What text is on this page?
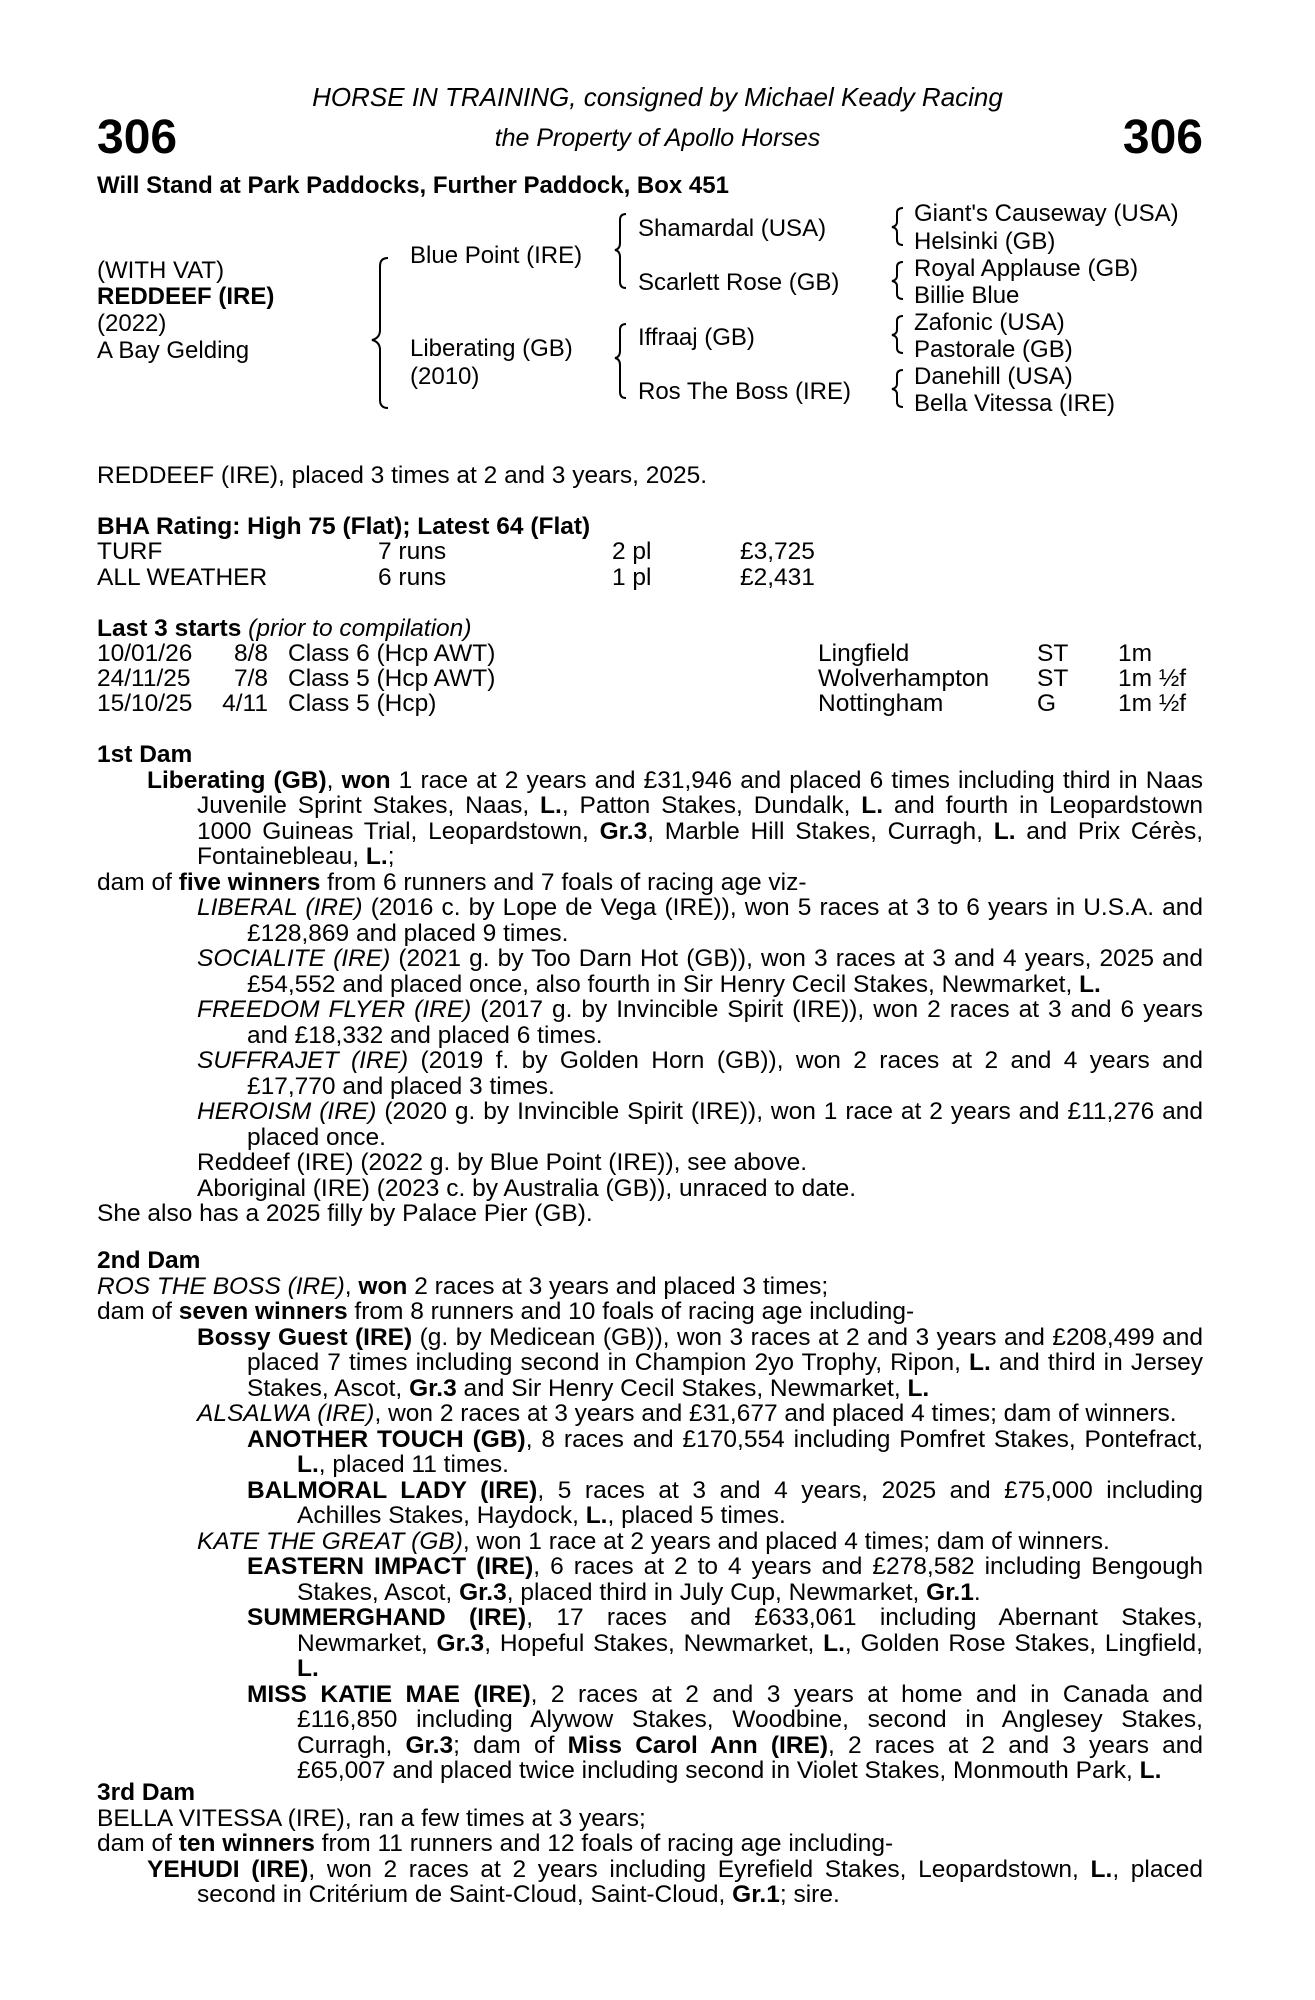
306	306
HORSE IN TRAINING, consigned by Michael Keady Racing
the Property of Apollo Horses
Will Stand at Park Paddocks, Further Paddock, Box 451
(WITH VAT)
REDDEEF (IRE)
(2022)
A Bay Gelding
Blue Point (IRE)
Liberating (GB)
(2010)
Shamardal (USA)
Scarlett Rose (GB)
Iffraaj (GB)
Ros The Boss (IRE)
Giant's Causeway (USA)
Helsinki (GB)
Royal Applause (GB)
Billie Blue
Zafonic (USA)
Pastorale (GB)
Danehill (USA)
Bella Vitessa (IRE)
REDDEEF (IRE), placed 3 times at 2 and 3 years, 2025.
BHA Rating: High 75 (Flat); Latest 64 (Flat)
TURF	7 runs	2 pl	£3,725
ALL WEATHER	6 runs	1 pl	£2,431
Last 3 starts (prior to compilation)
10/01/26	8/8 Class 6 (Hcp AWT)	Lingfield	ST 1m
24/11/25	7/8 Class 5 (Hcp AWT)	Wolverhampton ST 1m ½f
15/10/25 4/11 Class 5 (Hcp)	Nottingham	G	1m ½f
1st Dam
Liberating (GB), won 1 race at 2 years and £31,946 and placed 6 times including third in Naas Juvenile Sprint Stakes, Naas, L., Patton Stakes, Dundalk, L. and fourth in Leopardstown 1000 Guineas Trial, Leopardstown, Gr.3, Marble Hill Stakes, Curragh, L. and Prix Cérès, Fontainebleau, L.;
dam of five winners from 6 runners and 7 foals of racing age viz-
LIBERAL (IRE) (2016 c. by Lope de Vega (IRE)), won 5 races at 3 to 6 years in U.S.A. and £128,869 and placed 9 times.
SOCIALITE (IRE) (2021 g. by Too Darn Hot (GB)), won 3 races at 3 and 4 years, 2025 and £54,552 and placed once, also fourth in Sir Henry Cecil Stakes, Newmarket, L.
FREEDOM FLYER (IRE) (2017 g. by Invincible Spirit (IRE)), won 2 races at 3 and 6 years and £18,332 and placed 6 times.
SUFFRAJET (IRE) (2019 f. by Golden Horn (GB)), won 2 races at 2 and 4 years and £17,770 and placed 3 times.
HEROISM (IRE) (2020 g. by Invincible Spirit (IRE)), won 1 race at 2 years and £11,276 and placed once.
Reddeef (IRE) (2022 g. by Blue Point (IRE)), see above.
Aboriginal (IRE) (2023 c. by Australia (GB)), unraced to date.
She also has a 2025 filly by Palace Pier (GB).
2nd Dam
ROS THE BOSS (IRE), won 2 races at 3 years and placed 3 times;
dam of seven winners from 8 runners and 10 foals of racing age including-
Bossy Guest (IRE) (g. by Medicean (GB)), won 3 races at 2 and 3 years and £208,499 and placed 7 times including second in Champion 2yo Trophy, Ripon, L. and third in Jersey Stakes, Ascot, Gr.3 and Sir Henry Cecil Stakes, Newmarket, L.
ALSALWA (IRE), won 2 races at 3 years and £31,677 and placed 4 times; dam of winners.
ANOTHER TOUCH (GB), 8 races and £170,554 including Pomfret Stakes, Pontefract, L., placed 11 times.
BALMORAL LADY (IRE), 5 races at 3 and 4 years, 2025 and £75,000 including Achilles Stakes, Haydock, L., placed 5 times.
KATE THE GREAT (GB), won 1 race at 2 years and placed 4 times; dam of winners.
EASTERN IMPACT (IRE), 6 races at 2 to 4 years and £278,582 including Bengough Stakes, Ascot, Gr.3, placed third in July Cup, Newmarket, Gr.1.
SUMMERGHAND (IRE), 17 races and £633,061 including Abernant Stakes, Newmarket, Gr.3, Hopeful Stakes, Newmarket, L., Golden Rose Stakes, Lingfield, L.
MISS KATIE MAE (IRE), 2 races at 2 and 3 years at home and in Canada and £116,850 including Alywow Stakes, Woodbine, second in Anglesey Stakes, Curragh, Gr.3; dam of Miss Carol Ann (IRE), 2 races at 2 and 3 years and £65,007 and placed twice including second in Violet Stakes, Monmouth Park, L.
3rd Dam
BELLA VITESSA (IRE), ran a few times at 3 years;
dam of ten winners from 11 runners and 12 foals of racing age including-
YEHUDI (IRE), won 2 races at 2 years including Eyrefield Stakes, Leopardstown, L., placed second in Critérium de Saint-Cloud, Saint-Cloud, Gr.1; sire.
